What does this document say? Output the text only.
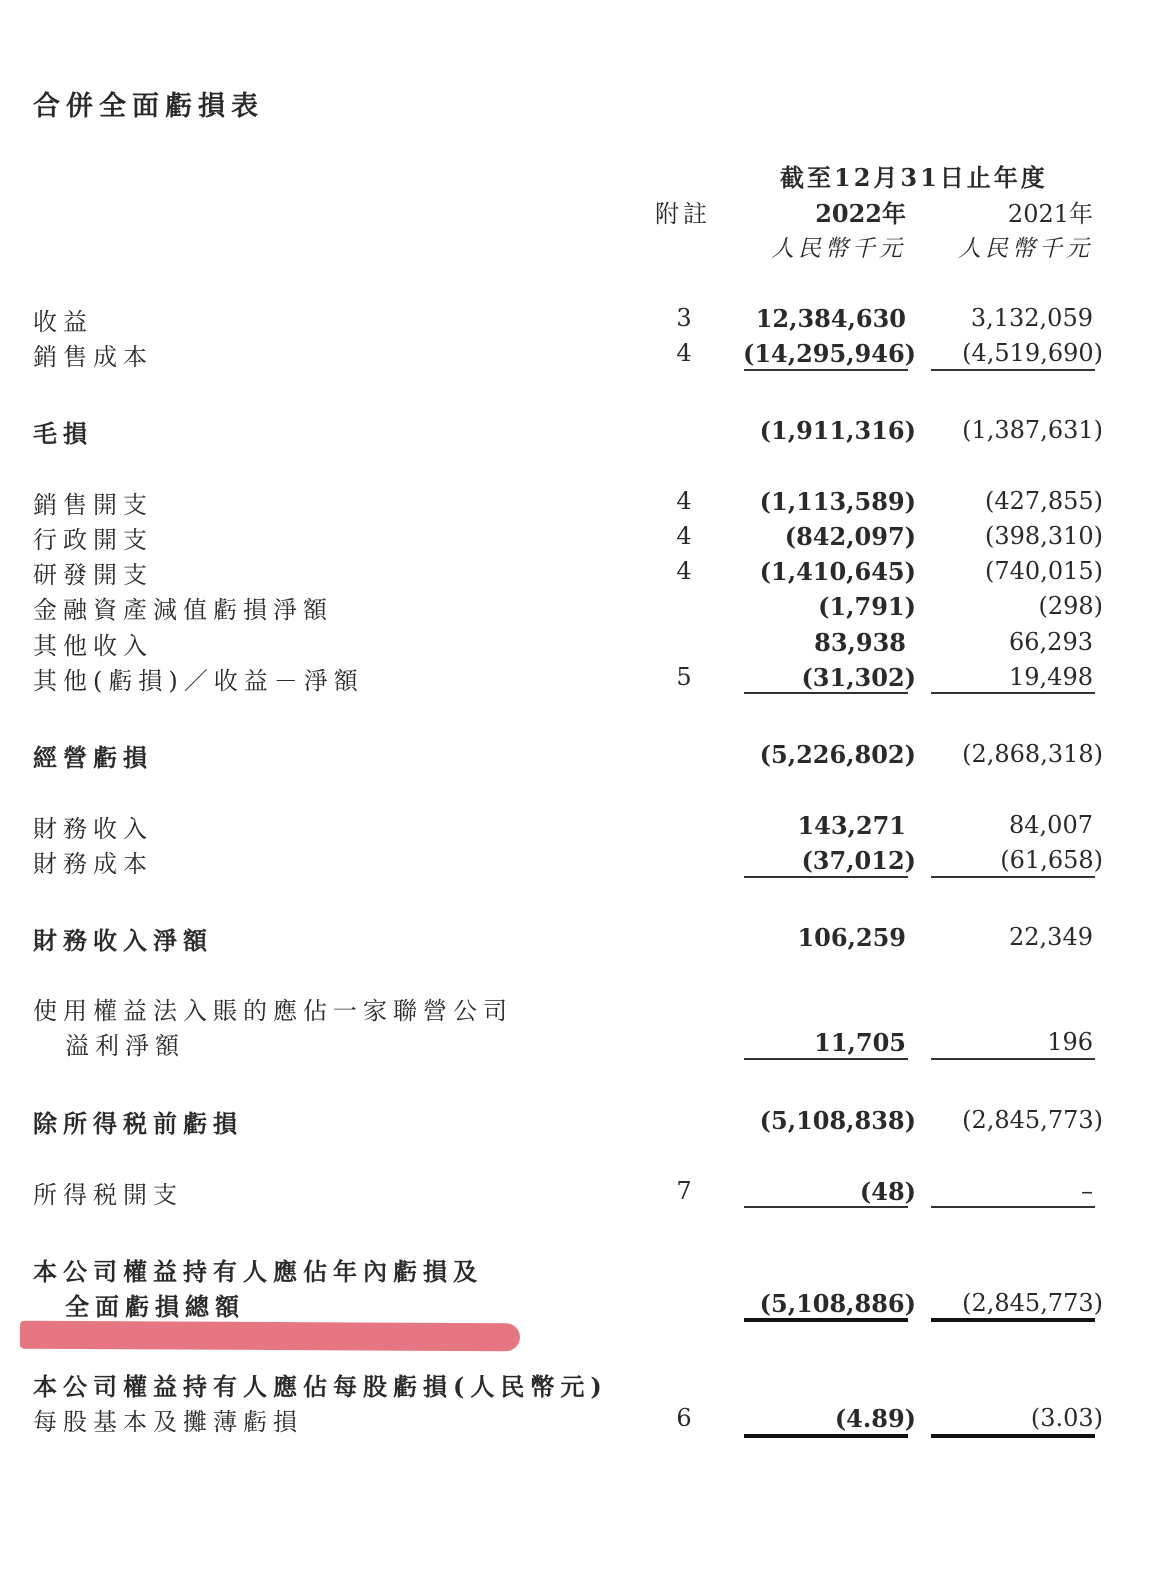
合併全面虧損表
截至12月31日止年度
附註	2022年	2021年
人民幣千元	人民幣千元
收益	3	12,384,630	3,132,059
銷售成本	4	(14,295,946)	(4,519,690)
毛損	(1,911,316)	(1,387,631)
銷售開支	4	(1,113,589)	(427,855)
行政開支	4	(842,097)	(398,310)
研發開支	4	(1,410,645)	(740,015)
金融資產減值虧損淨額	(1,791)	(298)
其他收入	83,938	66,293
其他(虧損)／收益－淨額	5	(31,302)	19,498
經營虧損	(5,226,802)	(2,868,318)
財務收入	143,271	84,007
財務成本	(37,012)	(61,658)
財務收入淨額	106,259	22,349
使用權益法入賬的應佔一家聯營公司
溢利淨額	11,705	196
除所得税前虧損	(5,108,838)	(2,845,773)
所得税開支	7	(48)	–
本公司權益持有人應佔年內虧損及
全面虧損總額	(5,108,886)	(2,845,773)
本公司權益持有人應佔每股虧損(人民幣元)
每股基本及攤薄虧損	6	(4.89)	(3.03)
